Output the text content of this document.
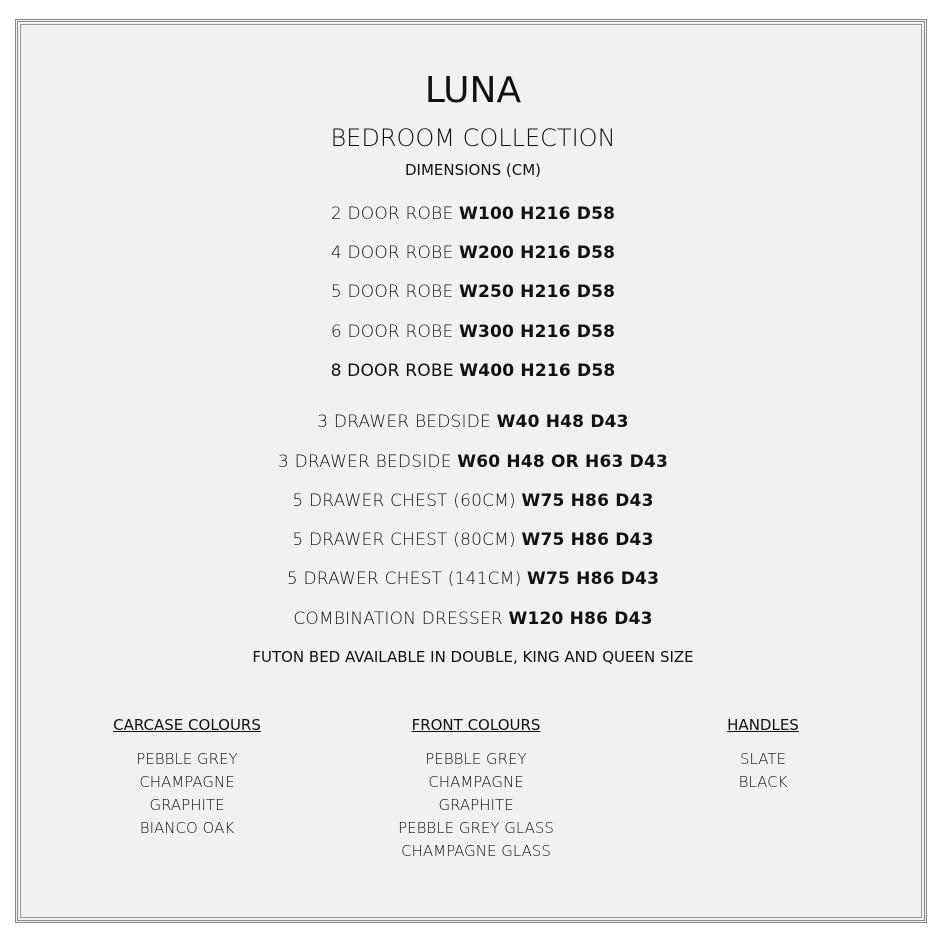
LUNA
BEDROOM COLLECTION
DIMENSIONS (CM)
2 DOOR ROBE W100 H216 D58
4 DOOR ROBE W200 H216 D58
5 DOOR ROBE W250 H216 D58
6 DOOR ROBE W300 H216 D58
8 DOOR ROBE W400 H216 D58
3 DRAWER BEDSIDE W40 H48 D43
3 DRAWER BEDSIDE W60 H48 OR H63 D43
5 DRAWER CHEST (60CM) W75 H86 D43
5 DRAWER CHEST (80CM) W75 H86 D43
5 DRAWER CHEST (141CM) W75 H86 D43
COMBINATION DRESSER W120 H86 D43
FUTON BED AVAILABLE IN DOUBLE, KING AND QUEEN SIZE
CARCASE COLOURS
PEBBLE GREY
CHAMPAGNE
GRAPHITE
BIANCO OAK
FRONT COLOURS
PEBBLE GREY
CHAMPAGNE
GRAPHITE
PEBBLE GREY GLASS
CHAMPAGNE GLASS
HANDLES
SLATE
BLACK
